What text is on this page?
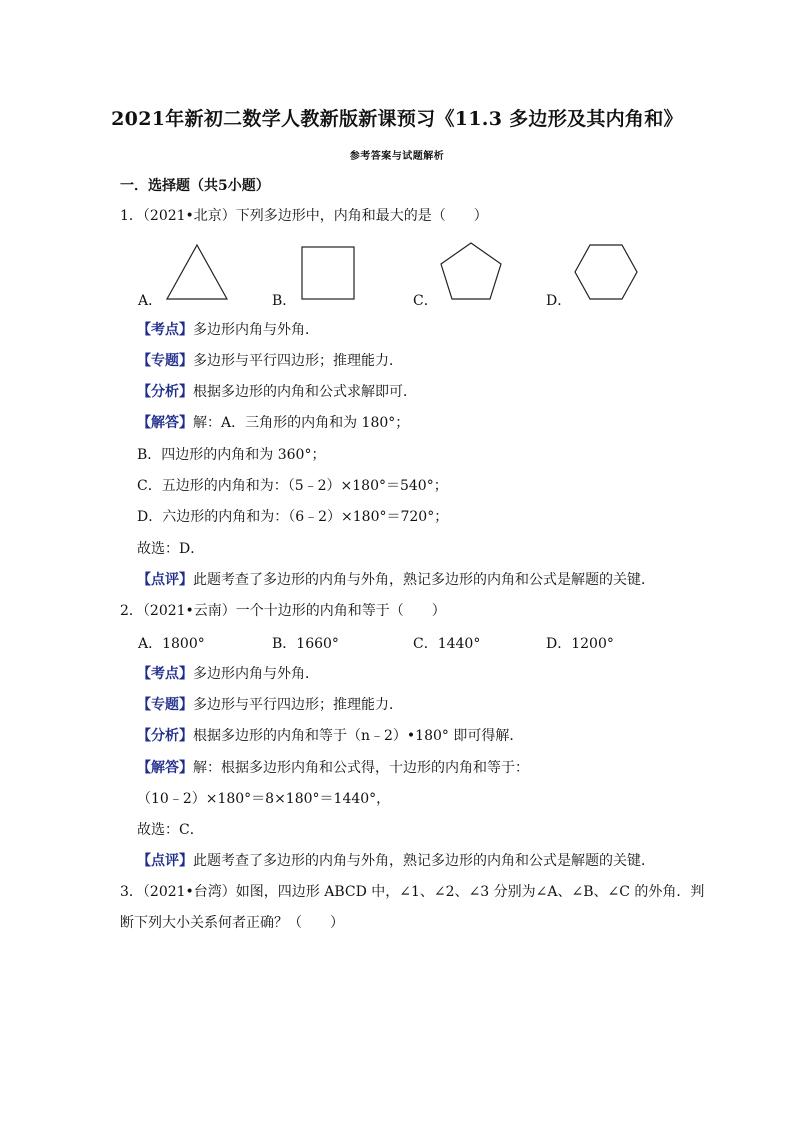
2021年新初二数学人教新版新课预习《11.3 多边形及其内角和》
参考答案与试题解析
一．选择题（共5小题）
1．（2021•北京）下列多边形中，内角和最大的是（　　）
A．	B．	C．	D．
【考点】多边形内角与外角．
【专题】多边形与平行四边形；推理能力．
【分析】根据多边形的内角和公式求解即可．
【解答】解：A．三角形的内角和为 180°；
B．四边形的内角和为 360°；
C．五边形的内角和为：（5﹣2）×180°＝540°；
D．六边形的内角和为：（6﹣2）×180°＝720°；
故选：D．
【点评】此题考查了多边形的内角与外角，熟记多边形的内角和公式是解题的关键．
2．（2021•云南）一个十边形的内角和等于（　　）
A．1800°	B．1660°	C．1440°	D．1200°
【考点】多边形内角与外角．
【专题】多边形与平行四边形；推理能力．
【分析】根据多边形的内角和等于（n﹣2）•180° 即可得解．
【解答】解：根据多边形内角和公式得，十边形的内角和等于：
（10﹣2）×180°＝8×180°＝1440°，
故选：C．
【点评】此题考查了多边形的内角与外角，熟记多边形的内角和公式是解题的关键．
3．（2021•台湾）如图，四边形 ABCD 中，∠1、∠2、∠3 分别为∠A、∠B、∠C 的外角．判
断下列大小关系何者正确？（　　）
